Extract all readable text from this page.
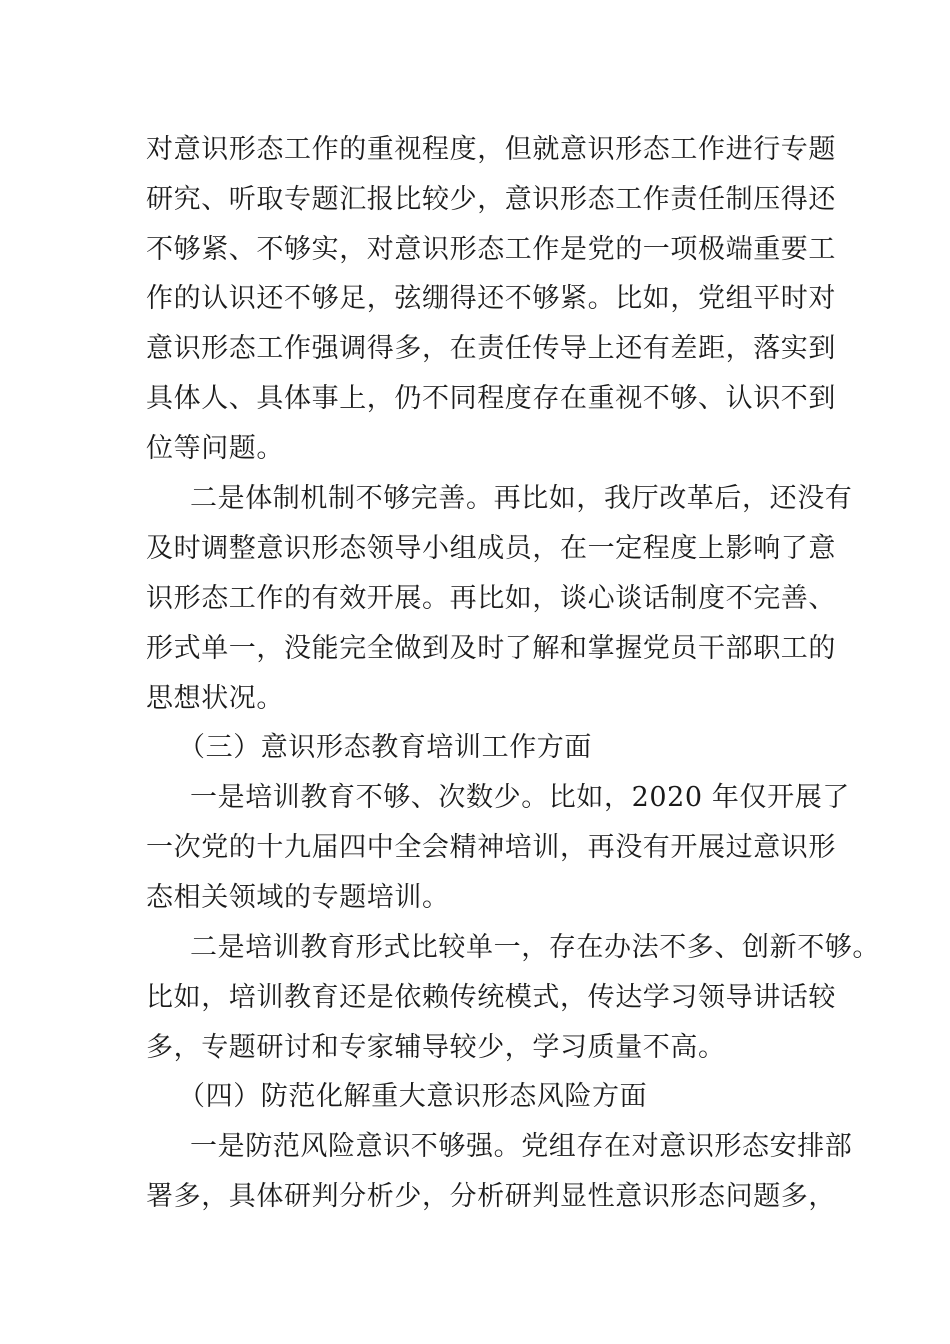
对意识形态工作的重视程度，但就意识形态工作进行专题
研究、听取专题汇报比较少，意识形态工作责任制压得还
不够紧、不够实，对意识形态工作是党的一项极端重要工
作的认识还不够足，弦绷得还不够紧。比如，党组平时对
意识形态工作强调得多，在责任传导上还有差距，落实到
具体人、具体事上，仍不同程度存在重视不够、认识不到
位等问题。
二是体制机制不够完善。再比如，我厅改革后，还没有
及时调整意识形态领导小组成员，在一定程度上影响了意
识形态工作的有效开展。再比如，谈心谈话制度不完善、
形式单一，没能完全做到及时了解和掌握党员干部职工的
思想状况。
（三）意识形态教育培训工作方面
一是培训教育不够、次数少。比如，2020 年仅开展了
一次党的十九届四中全会精神培训，再没有开展过意识形
态相关领域的专题培训。
二是培训教育形式比较单一，存在办法不多、创新不够。
比如，培训教育还是依赖传统模式，传达学习领导讲话较
多，专题研讨和专家辅导较少，学习质量不高。
（四）防范化解重大意识形态风险方面
一是防范风险意识不够强。党组存在对意识形态安排部
署多，具体研判分析少，分析研判显性意识形态问题多，
